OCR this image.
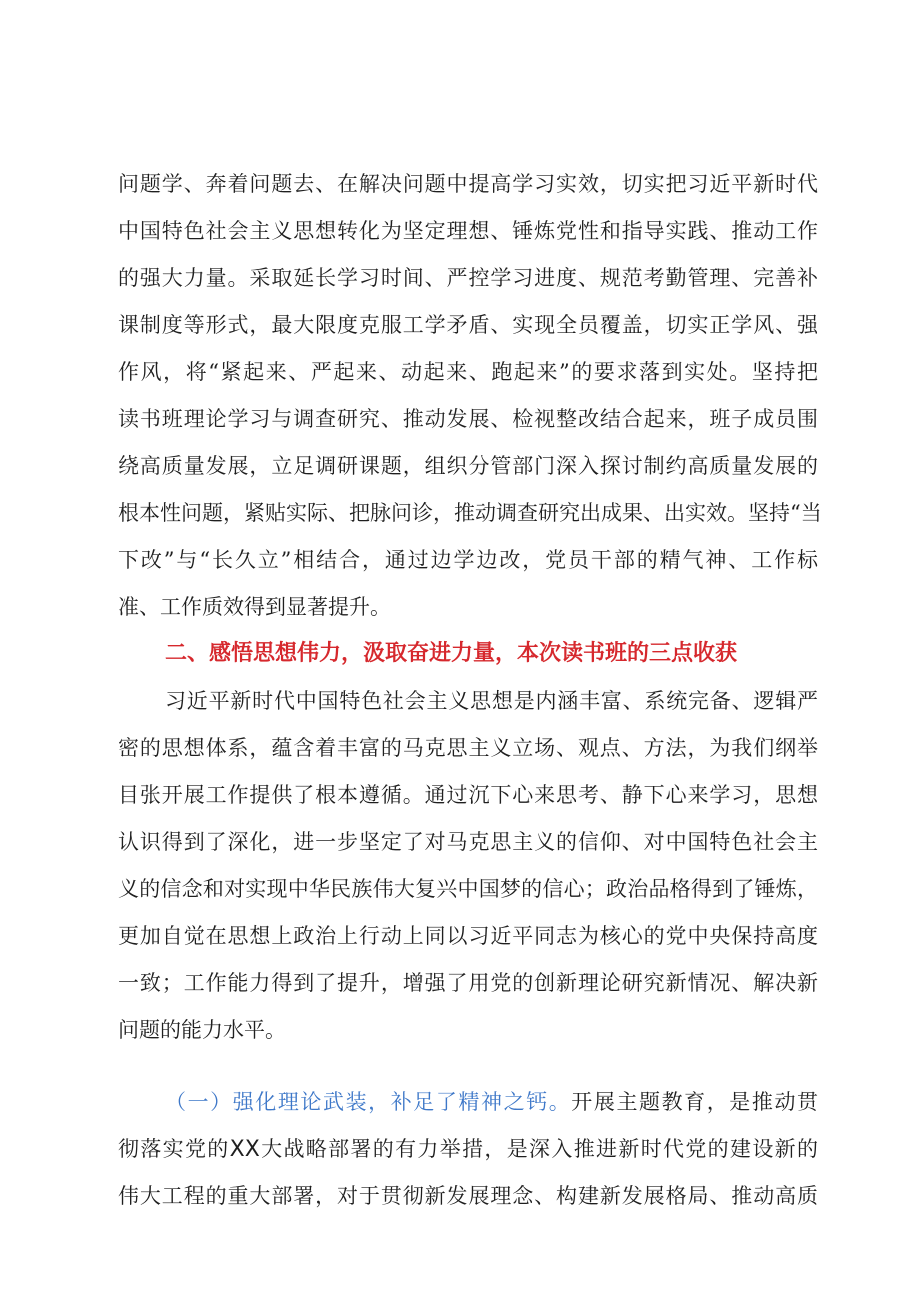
问题学、奔着问题去、在解决问题中提高学习实效，切实把习近平新时代
中国特色社会主义思想转化为坚定理想、锤炼党性和指导实践、推动工作
的强大力量。采取延长学习时间、严控学习进度、规范考勤管理、完善补
课制度等形式，最大限度克服工学矛盾、实现全员覆盖，切实正学风、强
作风，将“紧起来、严起来、动起来、跑起来”的要求落到实处。坚持把
读书班理论学习与调查研究、推动发展、检视整改结合起来，班子成员围
绕高质量发展，立足调研课题，组织分管部门深入探讨制约高质量发展的
根本性问题，紧贴实际、把脉问诊，推动调查研究出成果、出实效。坚持“当
下改”与“长久立”相结合，通过边学边改，党员干部的精气神、工作标
准、工作质效得到显著提升。
二、感悟思想伟力，汲取奋进力量，本次读书班的三点收获
习近平新时代中国特色社会主义思想是内涵丰富、系统完备、逻辑严
密的思想体系，蕴含着丰富的马克思主义立场、观点、方法，为我们纲举
目张开展工作提供了根本遵循。通过沉下心来思考、静下心来学习，思想
认识得到了深化，进一步坚定了对马克思主义的信仰、对中国特色社会主
义的信念和对实现中华民族伟大复兴中国梦的信心；政治品格得到了锤炼，
更加自觉在思想上政治上行动上同以习近平同志为核心的党中央保持高度
一致；工作能力得到了提升，增强了用党的创新理论研究新情况、解决新
问题的能力水平。
（一）强化理论武装，补足了精神之钙。开展主题教育，是推动贯
彻落实党的XX大战略部署的有力举措，是深入推进新时代党的建设新的
伟大工程的重大部署，对于贯彻新发展理念、构建新发展格局、推动高质
